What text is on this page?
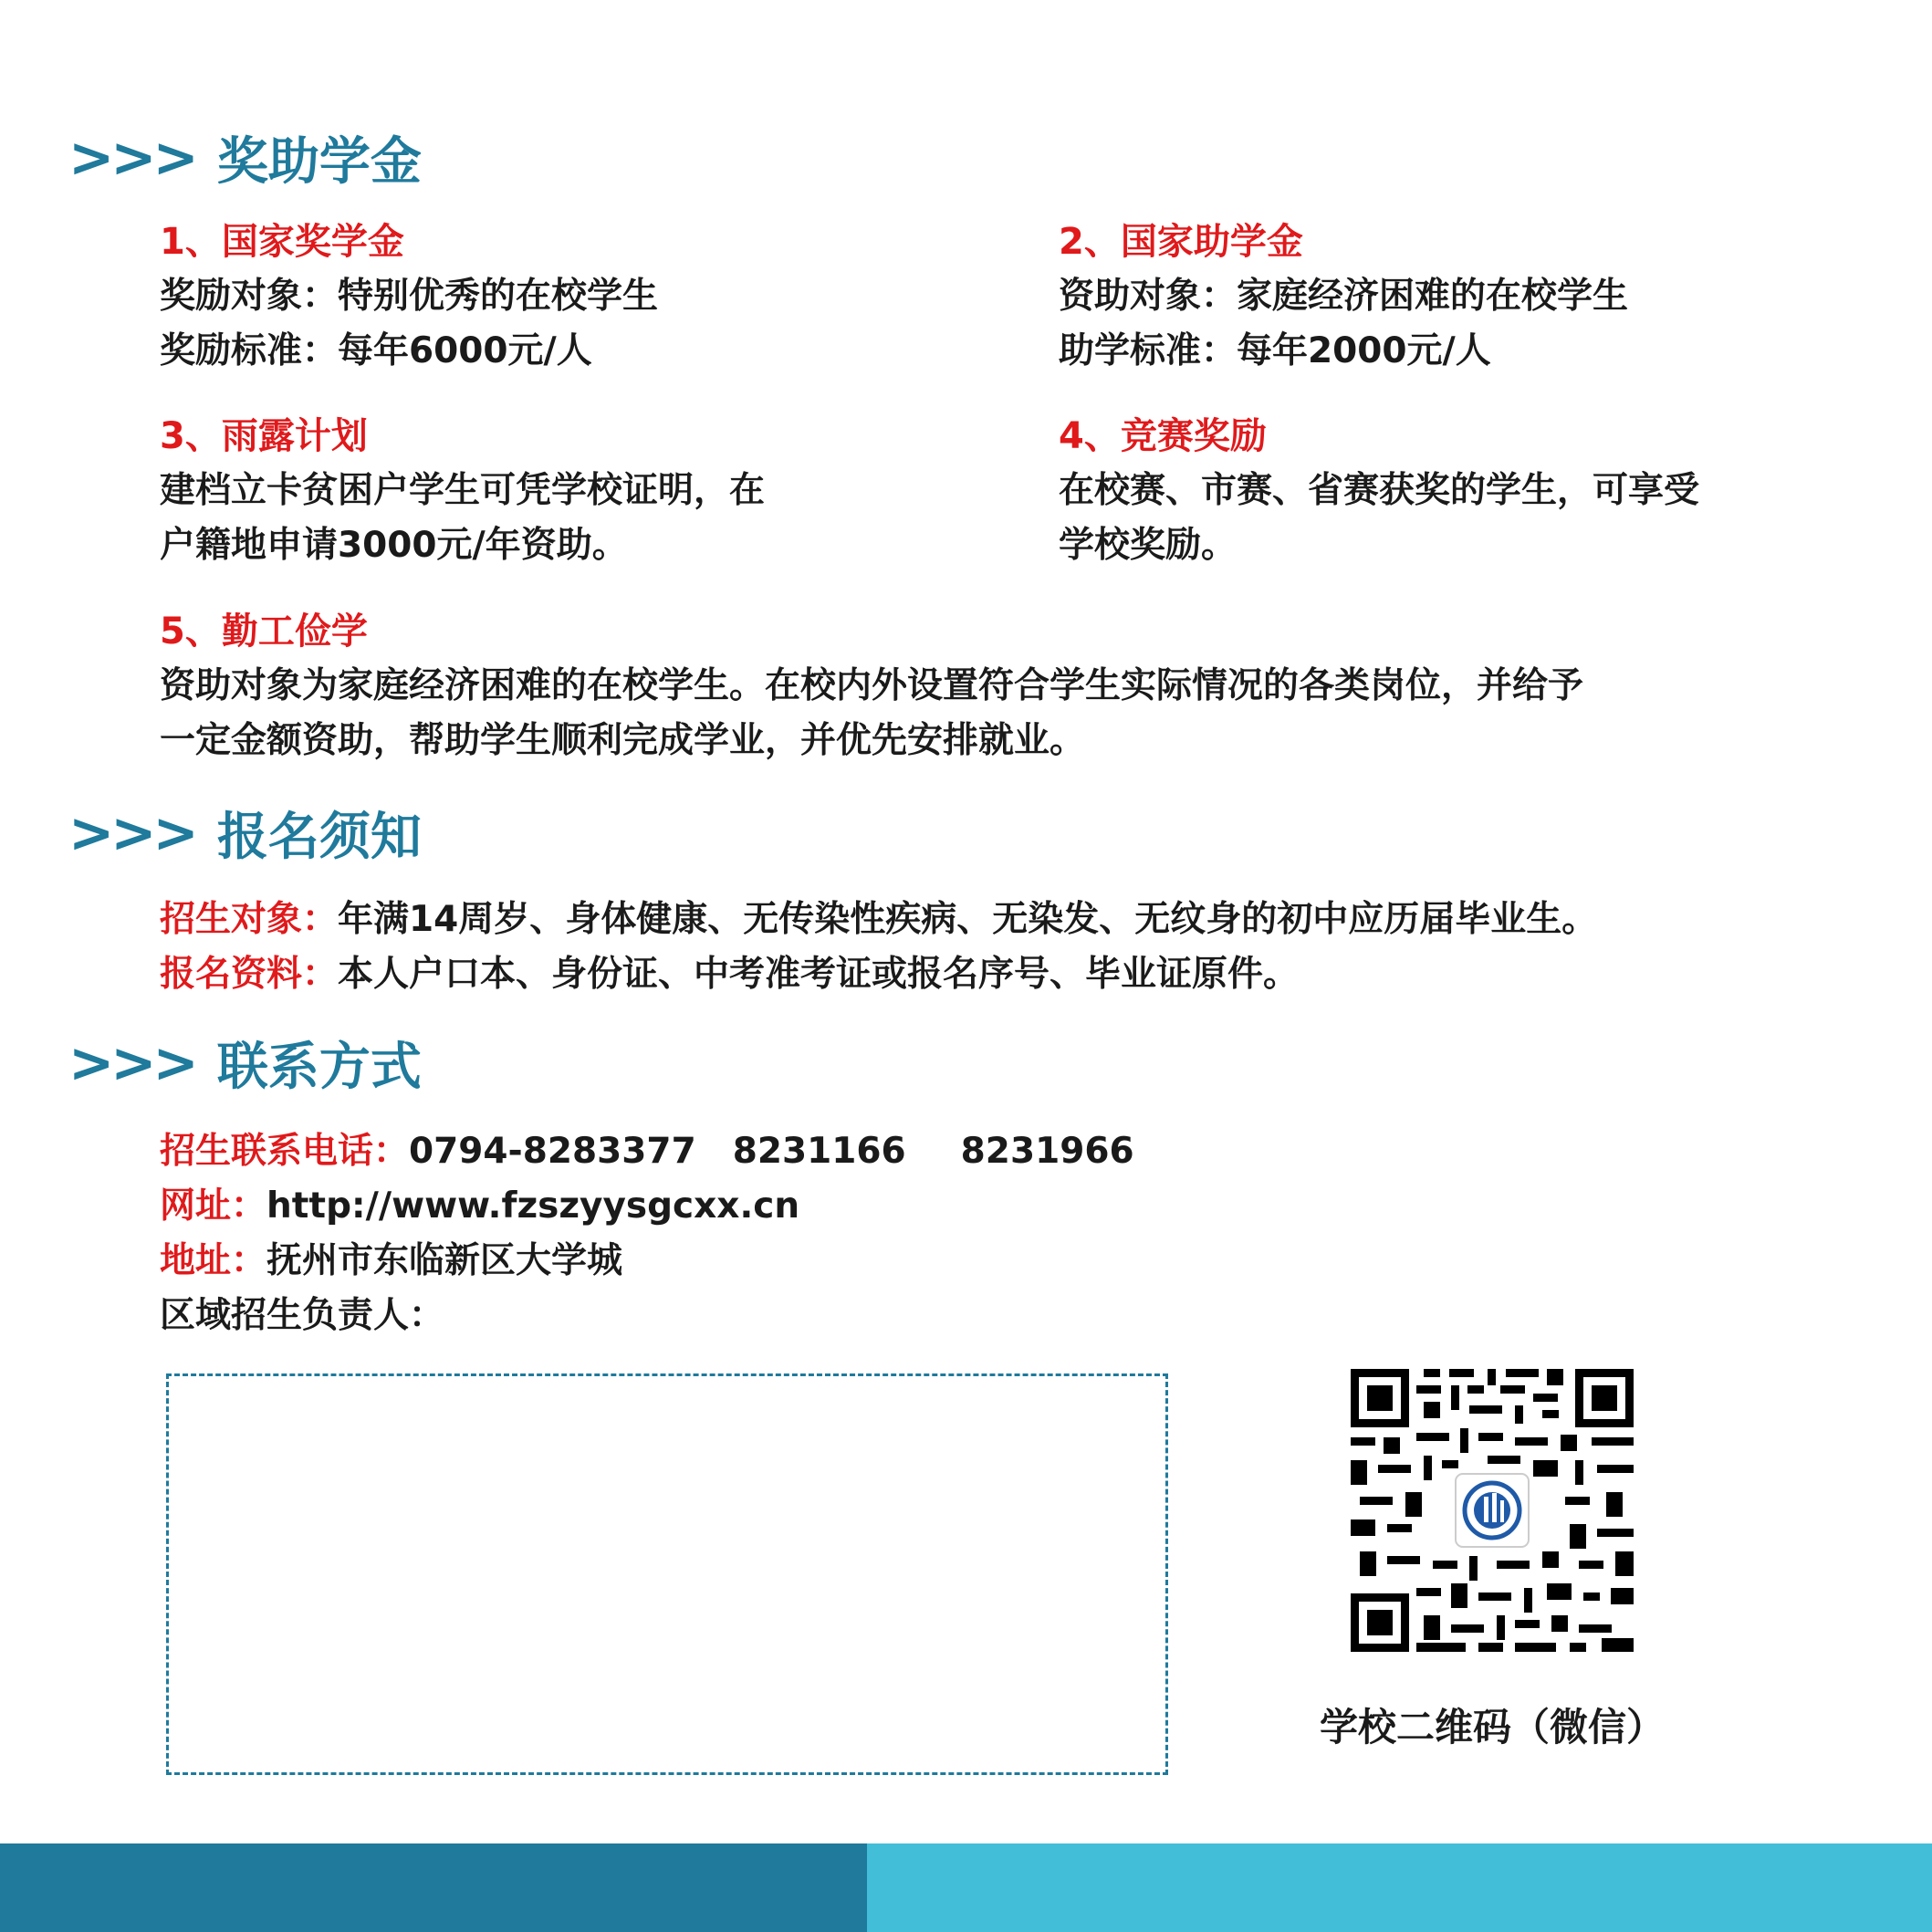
>>> 奖助学金
1、国家奖学金
奖励对象：特别优秀的在校学生
奖励标准：每年6000元/人
2、国家助学金
资助对象：家庭经济困难的在校学生
助学标准：每年2000元/人
3、雨露计划
建档立卡贫困户学生可凭学校证明，在
户籍地申请3000元/年资助。
4、竞赛奖励
在校赛、市赛、省赛获奖的学生，可享受
学校奖励。
5、勤工俭学
资助对象为家庭经济困难的在校学生。在校内外设置符合学生实际情况的各类岗位，并给予
一定金额资助，帮助学生顺利完成学业，并优先安排就业。
>>> 报名须知
招生对象：年满14周岁、身体健康、无传染性疾病、无染发、无纹身的初中应历届毕业生。
报名资料：本人户口本、身份证、中考准考证或报名序号、毕业证原件。
>>> 联系方式
招生联系电话：0794-8283377 8231166 8231966
网址：http://www.fzszyysgcxx.cn
地址：抚州市东临新区大学城
区域招生负责人：
学校二维码（微信）
